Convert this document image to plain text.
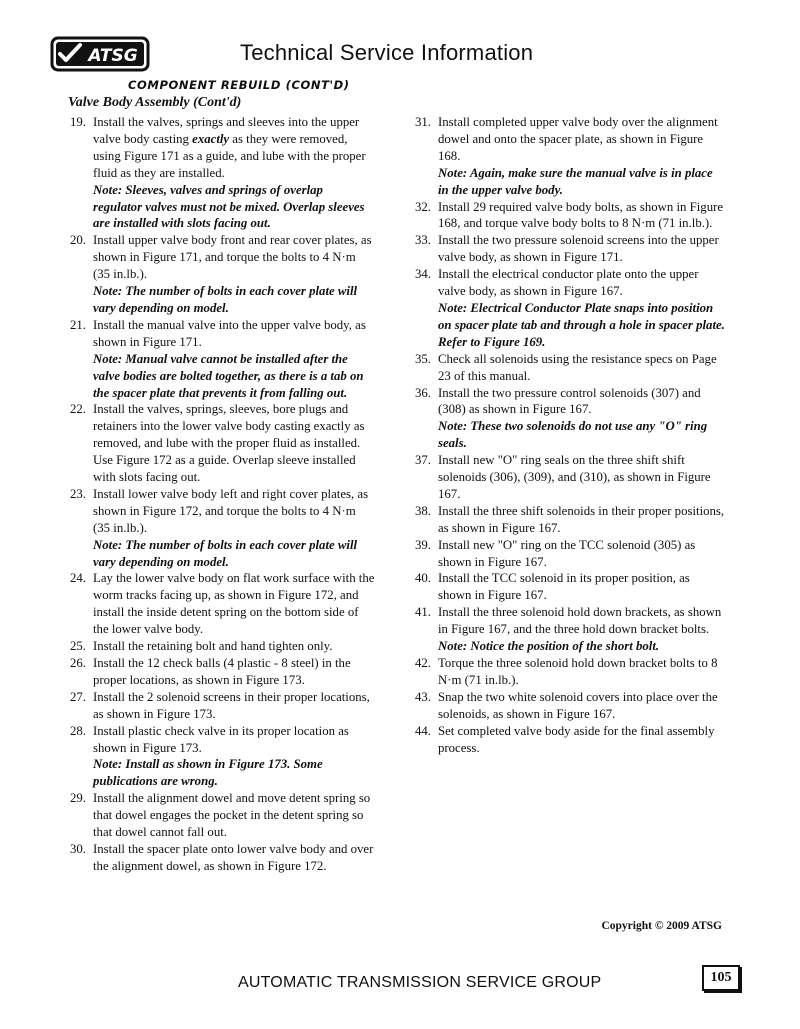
ATSG	Technical Service Information
COMPONENT REBUILD (CONT'D)
Valve Body Assembly (Cont'd)
19. Install the valves, springs and sleeves into the upper valve body casting exactly as they were removed, using Figure 171 as a guide, and lube with the proper fluid as they are installed.
Note: Sleeves, valves and springs of overlap regulator valves must not be mixed. Overlap sleeves are installed with slots facing out.
20. Install upper valve body front and rear cover plates, as shown in Figure 171, and torque the bolts to 4 N·m (35 in.lb.).
Note: The number of bolts in each cover plate will vary depending on model.
21. Install the manual valve into the upper valve body, as shown in Figure 171.
Note: Manual valve cannot be installed after the valve bodies are bolted together, as there is a tab on the spacer plate that prevents it from falling out.
22. Install the valves, springs, sleeves, bore plugs and retainers into the lower valve body casting exactly as removed, and lube with the proper fluid as installed. Use Figure 172 as a guide. Overlap sleeve installed with slots facing out.
23. Install lower valve body left and right cover plates, as shown in Figure 172, and torque the bolts to 4 N·m (35 in.lb.).
Note: The number of bolts in each cover plate will vary depending on model.
24. Lay the lower valve body on flat work surface with the worm tracks facing up, as shown in Figure 172, and install the inside detent spring on the bottom side of the lower valve body.
25. Install the retaining bolt and hand tighten only.
26. Install the 12 check balls (4 plastic - 8 steel) in the proper locations, as shown in Figure 173.
27. Install the 2 solenoid screens in their proper locations, as shown in Figure 173.
28. Install plastic check valve in its proper location as shown in Figure 173.
Note: Install as shown in Figure 173. Some publications are wrong.
29. Install the alignment dowel and move detent spring so that dowel engages the pocket in the detent spring so that dowel cannot fall out.
30. Install the spacer plate onto lower valve body and over the alignment dowel, as shown in Figure 172.
31. Install completed upper valve body over the alignment dowel and onto the spacer plate, as shown in Figure 168.
Note: Again, make sure the manual valve is in place in the upper valve body.
32. Install 29 required valve body bolts, as shown in Figure 168, and torque valve body bolts to 8 N·m (71 in.lb.).
33. Install the two pressure solenoid screens into the upper valve body, as shown in Figure 171.
34. Install the electrical conductor plate onto the upper valve body, as shown in Figure 167.
Note: Electrical Conductor Plate snaps into position on spacer plate tab and through a hole in spacer plate. Refer to Figure 169.
35. Check all solenoids using the resistance specs on Page 23 of this manual.
36. Install the two pressure control solenoids (307) and (308) as shown in Figure 167.
Note: These two solenoids do not use any "O" ring seals.
37. Install new "O" ring seals on the three shift shift solenoids (306), (309), and (310), as shown in Figure 167.
38. Install the three shift solenoids in their proper positions, as shown in Figure 167.
39. Install new "O" ring on the TCC solenoid (305) as shown in Figure 167.
40. Install the TCC solenoid in its proper position, as shown in Figure 167.
41. Install the three solenoid hold down brackets, as shown in Figure 167, and the three hold down bracket bolts.
Note: Notice the position of the short bolt.
42. Torque the three solenoid hold down bracket bolts to 8 N·m (71 in.lb.).
43. Snap the two white solenoid covers into place over the solenoids, as shown in Figure 167.
44. Set completed valve body aside for the final assembly process.
Copyright © 2009 ATSG
AUTOMATIC TRANSMISSION SERVICE GROUP	105
